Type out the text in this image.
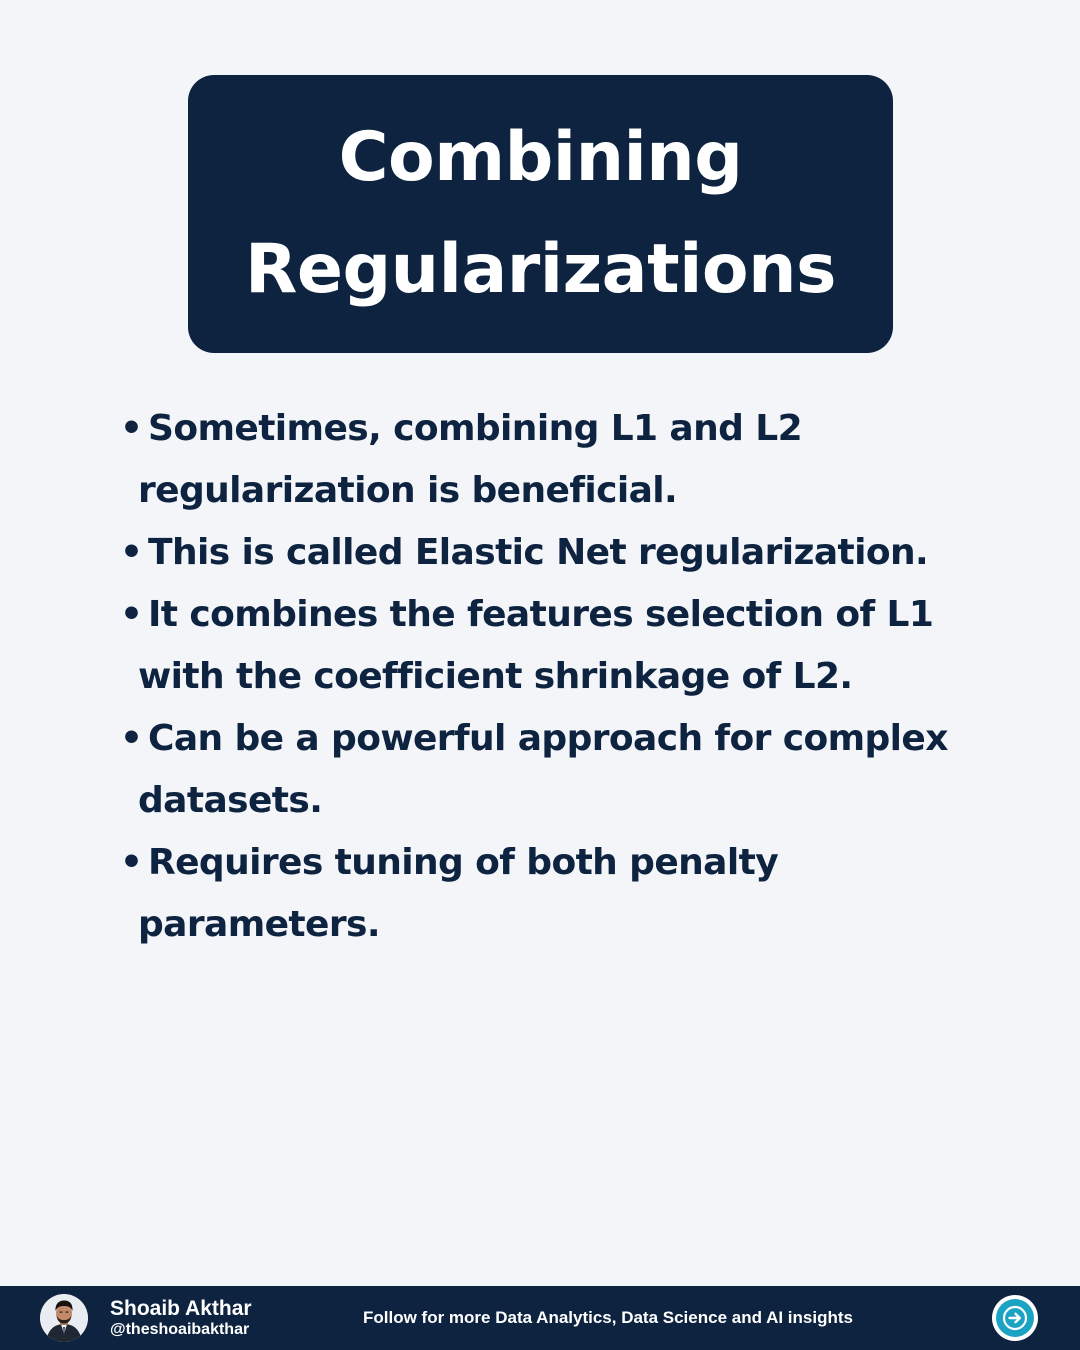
Combining
Regularizations
• Sometimes, combining L1 and L2
regularization is beneficial.
• This is called Elastic Net regularization.
• It combines the features selection of L1
with the coefficient shrinkage of L2.
• Can be a powerful approach for complex
datasets.
• Requires tuning of both penalty
parameters.
Shoaib Akthar
@theshoaibakthar
Follow for more Data Analytics, Data Science and AI insights
